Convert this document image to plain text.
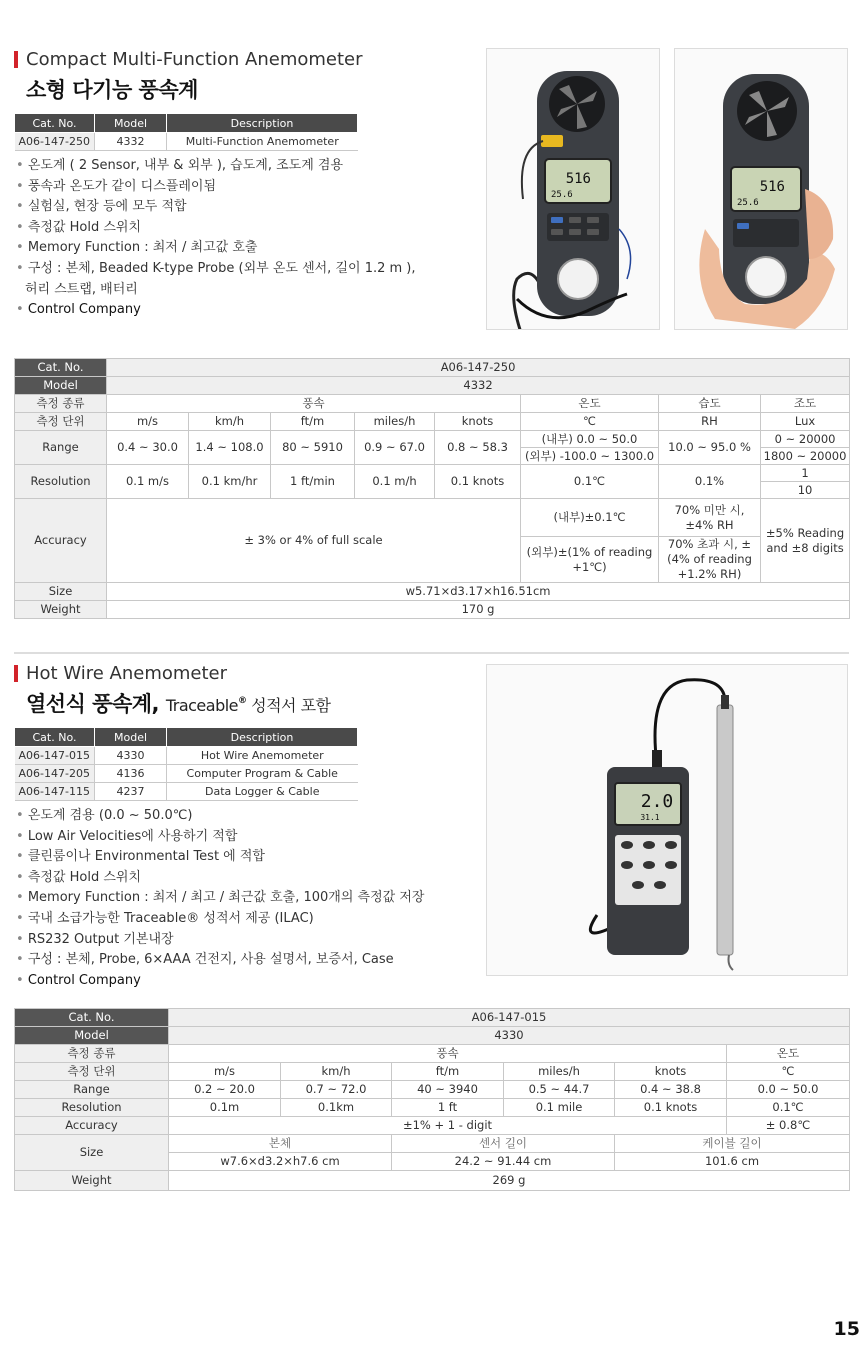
Compact Multi-Function Anemometer
소형 다기능 풍속계
Cat. No.	Model	Description
A06-147-250	4332	Multi-Function Anemometer
• 온도계 ( 2 Sensor, 내부 & 외부 ), 습도계, 조도계 겸용
• 풍속과 온도가 같이 디스플레이됨
• 실험실, 현장 등에 모두 적합
• 측정값 Hold 스위치
• Memory Function : 최저 / 최고값 호출
• 구성 : 본체, Beaded K-type Probe (외부 온도 센서, 길이 1.2 m ),
허리 스트랩, 배터리
• Control Company
516
25.6	516
25.6
Cat. No.	A06-147-250							
Model	4332							
측정 종류	풍속					온도	습도	조도
측정 단위	m/s	km/h	ft/m	miles/h	knots	℃	RH	Lux
Range	0.4 ~ 30.0	1.4 ~ 108.0	80 ~ 5910	0.9 ~ 67.0	0.8 ~ 58.3	(내부) 0.0 ~ 50.0	10.0 ~ 95.0 %	0 ~ 20000
						(외부) -100.0 ~ 1300.0		1800 ~ 20000
Resolution	0.1 m/s	0.1 km/hr	1 ft/min	0.1 m/h	0.1 knots	0.1℃	0.1%	1
								10
Accuracy	± 3% or 4% of full scale					(내부)±0.1℃	70% 미만 시, ±4% RH	±5% Reading and ±8 digits
						(외부)±(1% of reading +1℃)	70% 초과 시, ±(4% of reading +1.2% RH)	
Size	w5.71×d3.17×h16.51cm							
Weight	170 g							
Hot Wire Anemometer
열선식 풍속계, Traceable® 성적서 포함
Cat. No.	Model	Description
A06-147-015	4330	Hot Wire Anemometer
A06-147-205	4136	Computer Program & Cable
A06-147-115	4237	Data Logger & Cable
• 온도계 겸용 (0.0 ~ 50.0℃)
• Low Air Velocities에 사용하기 적합
• 클린룸이나 Environmental Test 에 적합
• 측정값 Hold 스위치
• Memory Function : 최저 / 최고 / 최근값 호출, 100개의 측정값 저장
• 국내 소급가능한 Traceable® 성적서 제공 (ILAC)
• RS232 Output 기본내장
• 구성 : 본체, Probe, 6×AAA 건전지, 사용 설명서, 보증서, Case
• Control Company
2.0
31.1
Cat. No.	A06-147-015					
Model	4330					
측정 종류	풍속					온도
측정 단위	m/s	km/h	ft/m	miles/h	knots	℃
Range	0.2 ~ 20.0	0.7 ~ 72.0	40 ~ 3940	0.5 ~ 44.7	0.4 ~ 38.8	0.0 ~ 50.0
Resolution	0.1m	0.1km	1 ft	0.1 mile	0.1 knots	0.1℃
Accuracy	±1% + 1 - digit					± 0.8℃
Size	본체		센서 길이		케이블 길이	
	w7.6×d3.2×h7.6 cm		24.2 ~ 91.44 cm		101.6 cm	
Weight	269 g					
15
